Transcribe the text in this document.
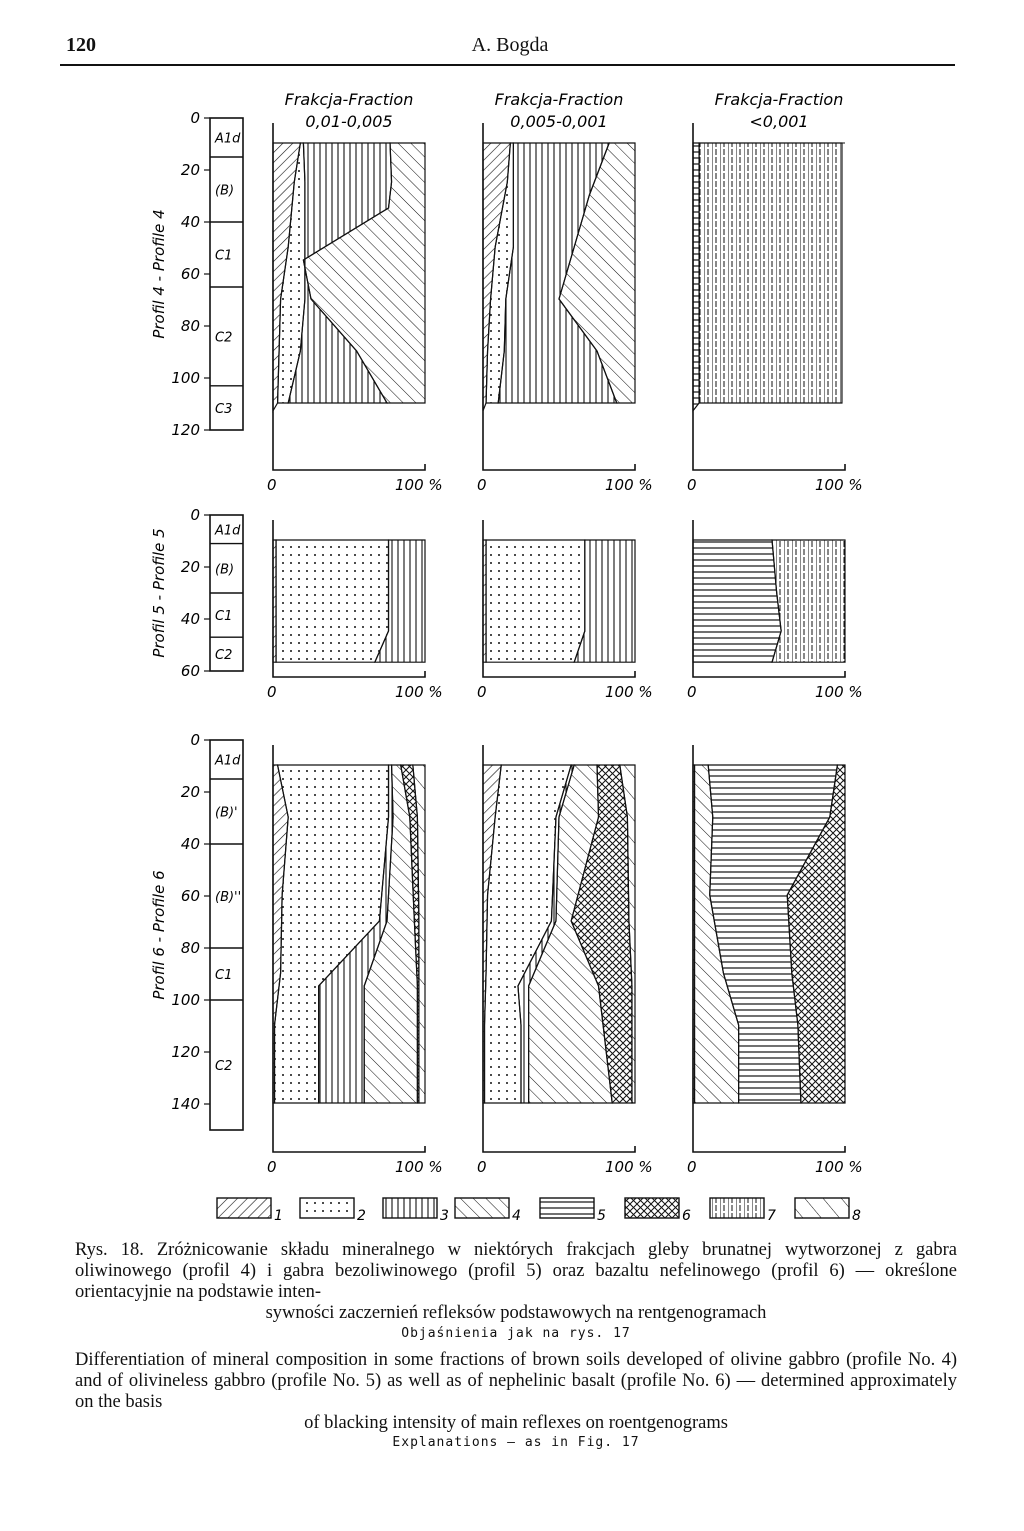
120	A. Bogda
Frakcja-Fraction
0,01-0,005
Frakcja-Fraction
0,005-0,001
Frakcja-Fraction
<0,001
A1d
(B)
C1
C2
C3
0
20
40
60
80
100
120
Profil 4 - Profile 4
A1d
(B)
C1
C2
0
20
40
60
Profil 5 - Profile 5
A1d
(B)'
(B)''
C1
C2
0
20
40
60
80
100
120
140
Profil 6 - Profile 6
0	100 % 0	100 % 0	100 %
0	100 % 0	100 % 0	100 %
0	100 % 0	100 % 0	100 %
1	2	3	4	5	6	7	8
Rys. 18. Zróżnicowanie składu mineralnego w niektórych frakcjach gleby brunatnej wytworzonej z gabra oliwinowego (profil 4) i gabra bezoliwinowego (profil 5) oraz bazaltu nefelinowego (profil 6) — określone orientacyjnie na podstawie inten-
sywności zaczernień refleksów podstawowych na rentgenogramach
Objaśnienia jak na rys. 17
Differentiation of mineral composition in some fractions of brown soils developed of olivine gabbro (profile No. 4) and of olivineless gabbro (profile No. 5) as well as of nephelinic basalt (profile No. 6) — determined approximately on the basis
of blacking intensity of main reflexes on roentgenograms
Explanations — as in Fig. 17
